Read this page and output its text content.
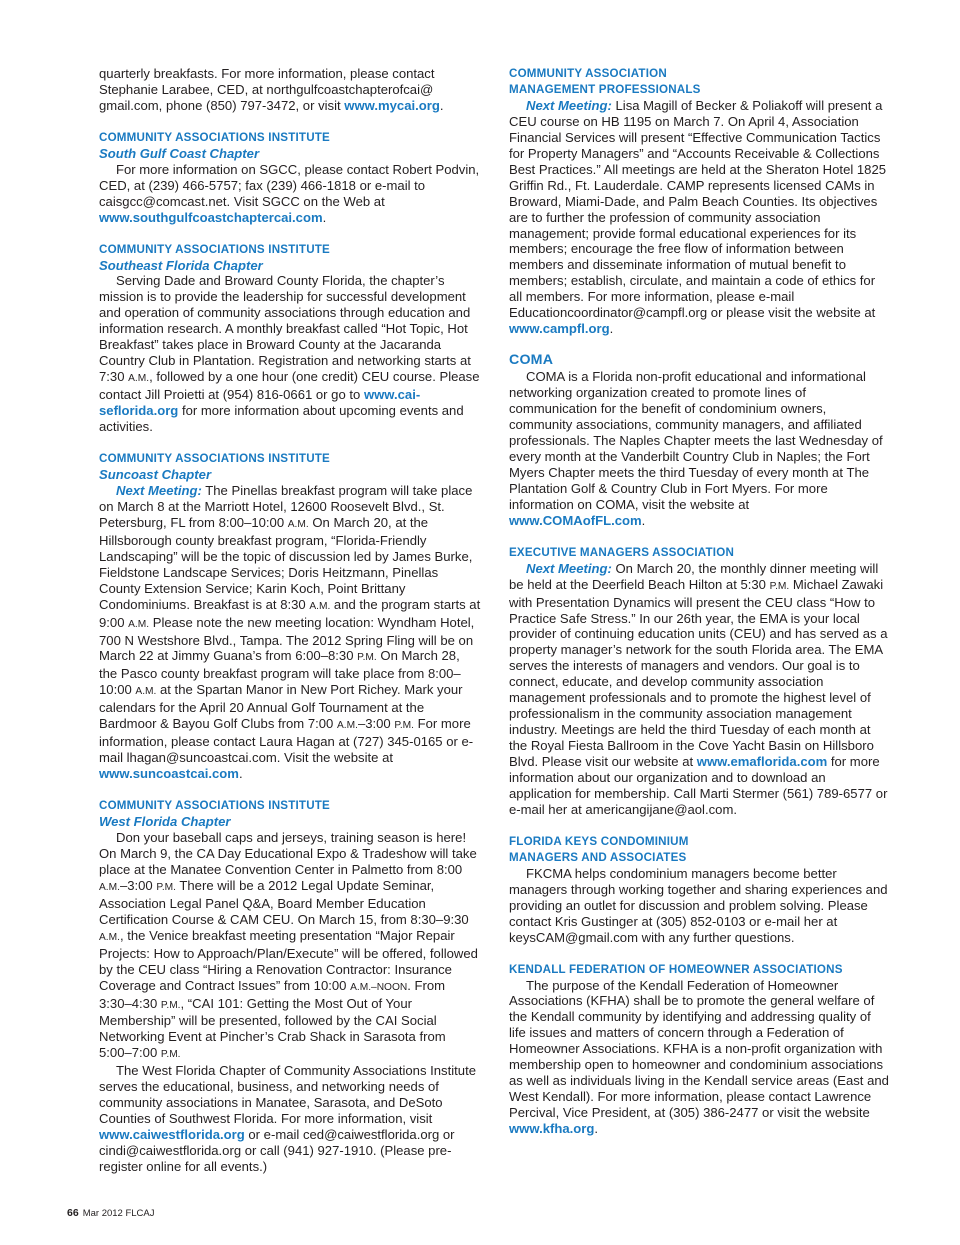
quarterly breakfasts. For more information, please contact Stephanie Larabee, CED, at northgulfcoastchapterofcai@ gmail.com, phone (850) 797-3472, or visit www.mycai.org.
COMMUNITY ASSOCIATIONS INSTITUTE
South Gulf Coast Chapter
For more information on SGCC, please contact Robert Podvin, CED, at (239) 466-5757; fax (239) 466-1818 or e-mail to caisgcc@comcast.net. Visit SGCC on the Web at www.southgulfcoastchaptercai.com.
COMMUNITY ASSOCIATIONS INSTITUTE
Southeast Florida Chapter
Serving Dade and Broward County Florida, the chapter’s mission is to provide the leadership for successful development and operation of community associations through education and information research. A monthly breakfast called “Hot Topic, Hot Breakfast” takes place in Broward County at the Jacaranda Country Club in Plantation. Registration and networking starts at 7:30 A.M., followed by a one hour (one credit) CEU course. Please contact Jill Proietti at (954) 816-0661 or go to www.cai-seflorida.org for more information about upcoming events and activities.
COMMUNITY ASSOCIATIONS INSTITUTE
Suncoast Chapter
Next Meeting: The Pinellas breakfast program will take place on March 8 at the Marriott Hotel, 12600 Roosevelt Blvd., St. Petersburg, FL from 8:00–10:00 A.M. On March 20, at the Hillsborough county breakfast program, “Florida-Friendly Landscaping” will be the topic of discussion led by James Burke, Fieldstone Landscape Services; Doris Heitzmann, Pinellas County Extension Service; Karin Koch, Point Brittany Condominiums. Breakfast is at 8:30 A.M. and the program starts at 9:00 A.M. Please note the new meeting location: Wyndham Hotel, 700 N Westshore Blvd., Tampa. The 2012 Spring Fling will be on March 22 at Jimmy Guana’s from 6:00–8:30 P.M. On March 28, the Pasco county breakfast program will take place from 8:00–10:00 A.M. at the Spartan Manor in New Port Richey. Mark your calendars for the April 20 Annual Golf Tournament at the Bardmoor & Bayou Golf Clubs from 7:00 A.M.–3:00 P.M. For more information, please contact Laura Hagan at (727) 345-0165 or e-mail lhagan@suncoastcai.com. Visit the website at www.suncoastcai.com.
COMMUNITY ASSOCIATIONS INSTITUTE
West Florida Chapter
Don your baseball caps and jerseys, training season is here! On March 9, the CA Day Educational Expo & Tradeshow will take place at the Manatee Convention Center in Palmetto from 8:00 A.M.–3:00 P.M. There will be a 2012 Legal Update Seminar, Association Legal Panel Q&A, Board Member Education Certification Course & CAM CEU. On March 15, from 8:30–9:30 A.M., the Venice breakfast meeting presentation “Major Repair Projects: How to Approach/Plan/Execute” will be offered, followed by the CEU class “Hiring a Renovation Contractor: Insurance Coverage and Contract Issues” from 10:00 A.M.–NOON. From 3:30–4:30 P.M., “CAI 101: Getting the Most Out of Your Membership” will be presented, followed by the CAI Social Networking Event at Pincher’s Crab Shack in Sarasota from 5:00–7:00 P.M.
The West Florida Chapter of Community Associations Institute serves the educational, business, and networking needs of community associations in Manatee, Sarasota, and DeSoto Counties of Southwest Florida. For more information, visit www.caiwestflorida.org or e-mail ced@caiwestflorida.org or cindi@caiwestflorida.org or call (941) 927-1910. (Please pre-register online for all events.)
COMMUNITY ASSOCIATION
MANAGEMENT PROFESSIONALS
Next Meeting: Lisa Magill of Becker & Poliakoff will present a CEU course on HB 1195 on March 7. On April 4, Association Financial Services will present “Effective Communication Tactics for Property Managers” and “Accounts Receivable & Collections Best Practices.” All meetings are held at the Sheraton Hotel 1825 Griffin Rd., Ft. Lauderdale. CAMP represents licensed CAMs in Broward, Miami-Dade, and Palm Beach Counties. Its objectives are to further the profession of community association management; provide formal educational experiences for its members; encourage the free flow of information between members and disseminate information of mutual benefit to members; establish, circulate, and maintain a code of ethics for all members. For more information, please e-mail Educationcoordinator@campfl.org or please visit the website at www.campfl.org.
COMA
COMA is a Florida non-profit educational and informational networking organization created to promote lines of communication for the benefit of condominium owners, community associations, community managers, and affiliated professionals. The Naples Chapter meets the last Wednesday of every month at the Vanderbilt Country Club in Naples; the Fort Myers Chapter meets the third Tuesday of every month at The Plantation Golf & Country Club in Fort Myers. For more information on COMA, visit the website at www.COMAofFL.com.
EXECUTIVE MANAGERS ASSOCIATION
Next Meeting: On March 20, the monthly dinner meeting will be held at the Deerfield Beach Hilton at 5:30 P.M. Michael Zawaki with Presentation Dynamics will present the CEU class “How to Practice Safe Stress.” In our 26th year, the EMA is your local provider of continuing education units (CEU) and has served as a property manager’s network for the south Florida area. The EMA serves the interests of managers and vendors. Our goal is to connect, educate, and develop community association management professionals and to promote the highest level of professionalism in the community association management industry. Meetings are held the third Tuesday of each month at the Royal Fiesta Ballroom in the Cove Yacht Basin on Hillsboro Blvd. Please visit our website at www.emaflorida.com for more information about our organization and to download an application for membership. Call Marti Stermer (561) 789-6577 or e-mail her at americangijane@aol.com.
FLORIDA KEYS CONDOMINIUM
MANAGERS AND ASSOCIATES
FKCMA helps condominium managers become better managers through working together and sharing experiences and providing an outlet for discussion and problem solving. Please contact Kris Gustinger at (305) 852-0103 or e-mail her at keysCAM@gmail.com with any further questions.
KENDALL FEDERATION OF HOMEOWNER ASSOCIATIONS
The purpose of the Kendall Federation of Homeowner Associations (KFHA) shall be to promote the general welfare of the Kendall community by identifying and addressing quality of life issues and matters of concern through a Federation of Homeowner Associations. KFHA is a non-profit organization with membership open to homeowner and condominium associations as well as individuals living in the Kendall service areas (East and West Kendall). For more information, please contact Lawrence Percival, Vice President, at (305) 386-2477 or visit the website www.kfha.org.
66 Mar 2012 FLCAJ
